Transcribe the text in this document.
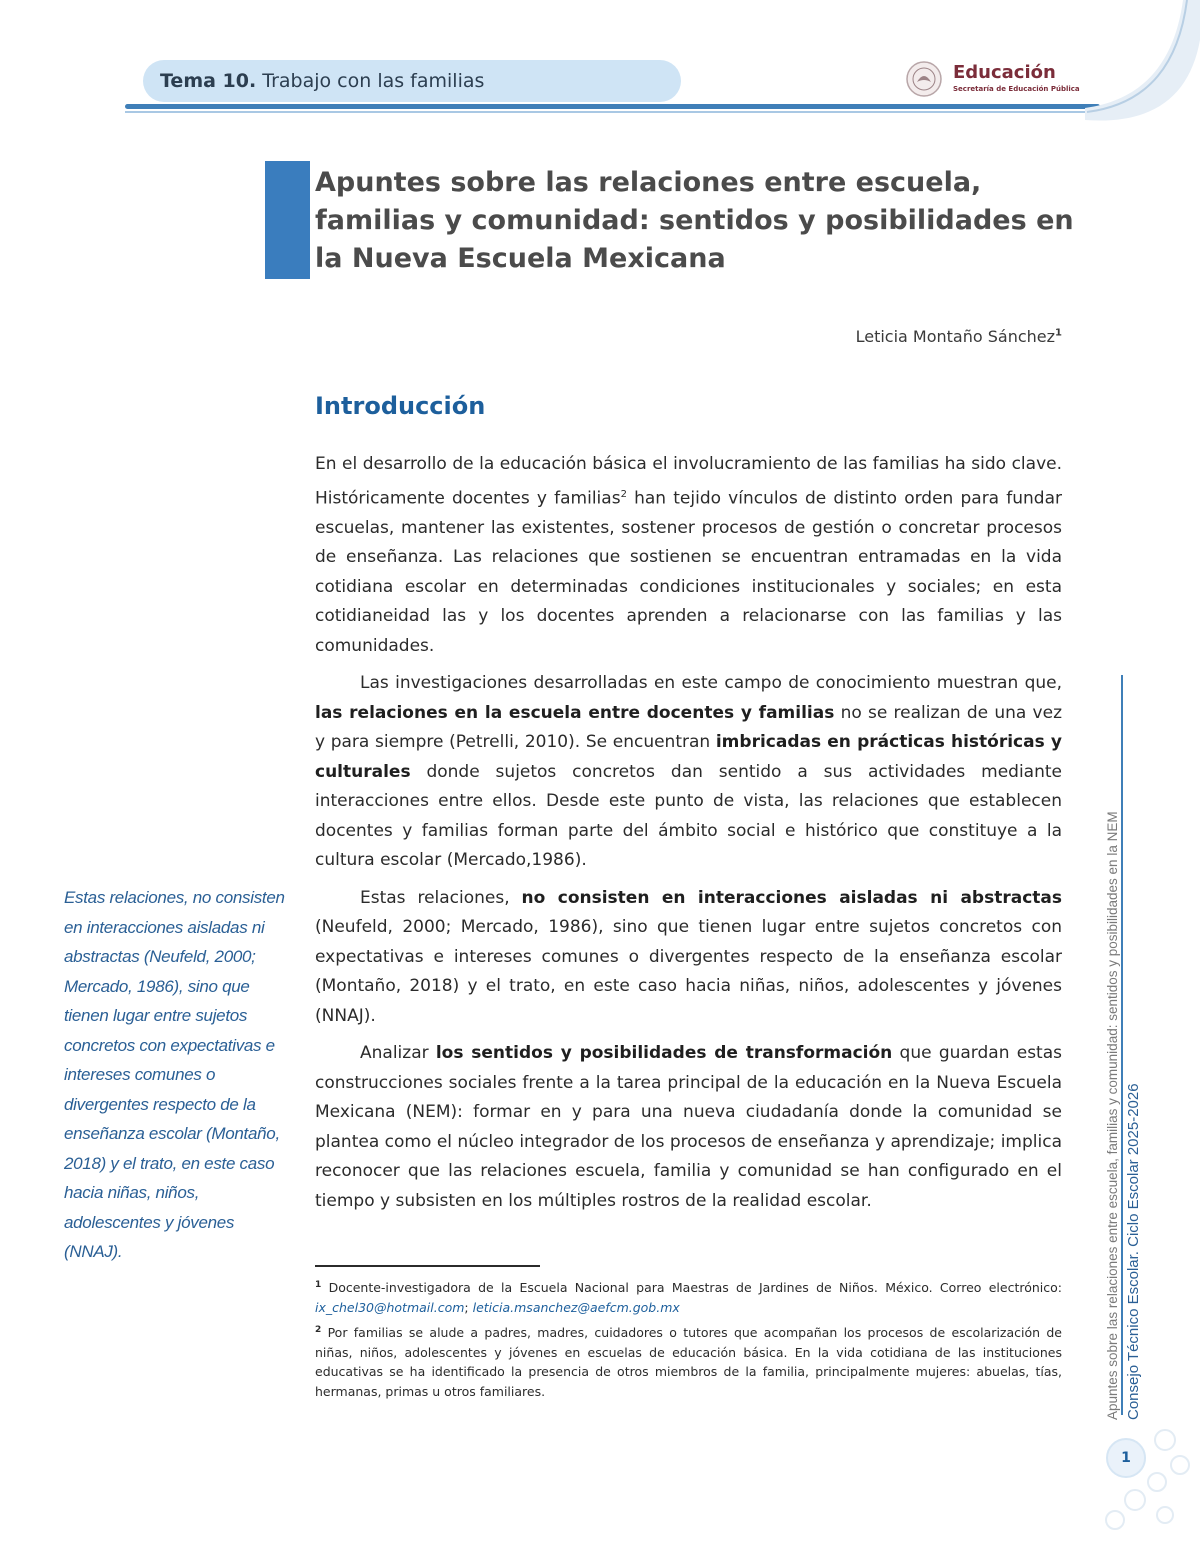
Tema 10. Trabajo con las familias	Educación
Secretaría de Educación Pública
Apuntes sobre las relaciones entre escuela, familias y comunidad: sentidos y posibilidades en la Nueva Escuela Mexicana
Leticia Montaño Sánchez$^1$
Introducción

En el desarrollo de la educación básica el involucramiento de las familias ha sido clave. Históricamente docentes y familias$^2$ han tejido vínculos de distinto orden para fundar escuelas, mantener las existentes, sostener procesos de gestión o concretar procesos de enseñanza. Las relaciones que sostienen se encuentran entramadas en la vida cotidiana escolar en determinadas condiciones institucionales y sociales; en esta cotidianeidad las y los docentes aprenden a relacionarse con las familias y las comunidades.

Las investigaciones desarrolladas en este campo de conocimiento muestran que, las relaciones en la escuela entre docentes y familias no se realizan de una vez y para siempre (Petrelli, 2010). Se encuentran imbricadas en prácticas históricas y culturales donde sujetos concretos dan sentido a sus actividades mediante interacciones entre ellos. Desde este punto de vista, las relaciones que establecen docentes y familias forman parte del ámbito social e histórico que constituye a la cultura escolar (Mercado,1986).

Estas relaciones, no consisten en interacciones aisladas ni abstractas (Neufeld, 2000; Mercado, 1986), sino que tienen lugar entre sujetos concretos con expectativas e intereses comunes o divergentes respecto de la enseñanza escolar (Montaño, 2018) y el trato, en este caso hacia niñas, niños, adolescentes y jóvenes (NNAJ).

Analizar los sentidos y posibilidades de transformación que guardan estas construcciones sociales frente a la tarea principal de la educación en la Nueva Escuela Mexicana (NEM): formar en y para una nueva ciudadanía donde la comunidad se plantea como el núcleo integrador de los procesos de enseñanza y aprendizaje; implica reconocer que las relaciones escuela, familia y comunidad se han configurado en el tiempo y subsisten en los múltiples rostros de la realidad escolar.

Estas relaciones, no consisten en interacciones aisladas ni abstractas (Neufeld, 2000; Mercado, 1986), sino que tienen lugar entre sujetos concretos con expectativas e intereses comunes o divergentes respecto de la enseñanza escolar (Montaño, 2018) y el trato, en este caso hacia niñas, niños, adolescentes y jóvenes (NNAJ).

$^1$ Docente-investigadora de la Escuela Nacional para Maestras de Jardines de Niños. México. Correo electrónico: ix_chel30@hotmail.com; leticia.msanchez@aefcm.gob.mx

$^2$ Por familias se alude a padres, madres, cuidadores o tutores que acompañan los procesos de escolarización de niñas, niños, adolescentes y jóvenes en escuelas de educación básica. En la vida cotidiana de las instituciones educativas se ha identificado la presencia de otros miembros de la familia, principalmente mujeres: abuelas, tías, hermanas, primas u otros familiares.	Apuntes sobre las relaciones entre escuela, familias y comunidad: sentidos y posibilidades en la NEM Consejo Técnico Escolar. Ciclo Escolar 2025-2026
1
